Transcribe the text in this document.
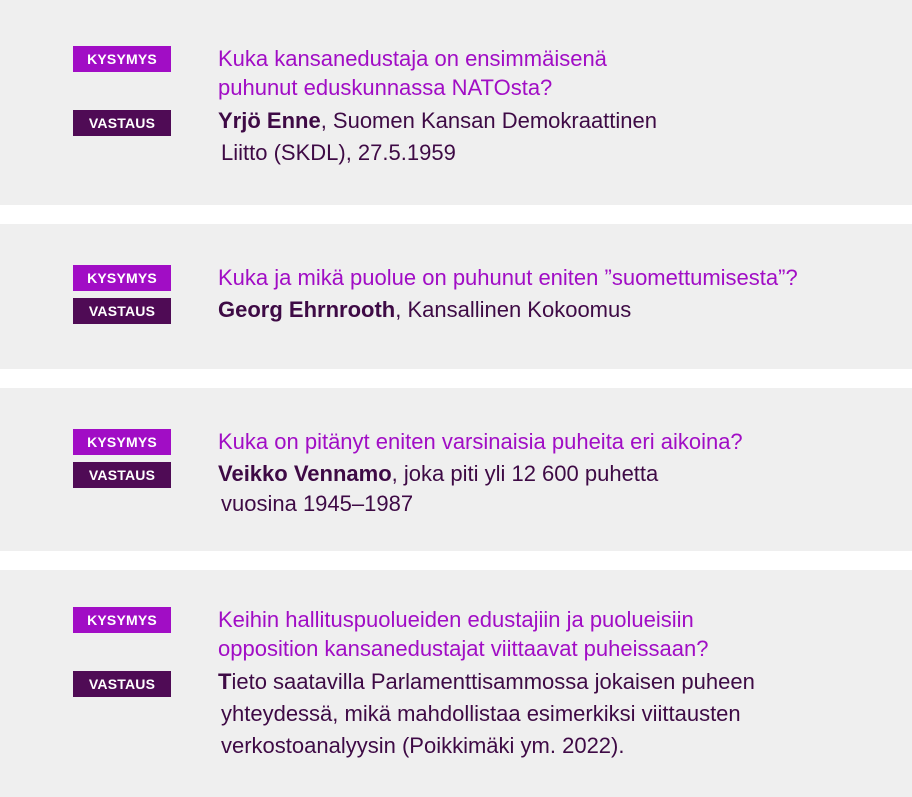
KYSYMYS	Kuka kansanedustaja on ensimmäisenä
puhunut eduskunnassa NATOsta?
VASTAUS	Yrjö Enne, Suomen Kansan Demokraattinen
Liitto (SKDL), 27.5.1959
KYSYMYS	Kuka ja mikä puolue on puhunut eniten ”suomettumisesta”?
VASTAUS	Georg Ehrnrooth, Kansallinen Kokoomus
KYSYMYS	Kuka on pitänyt eniten varsinaisia puheita eri aikoina?
VASTAUS	Veikko Vennamo, joka piti yli 12 600 puhetta
vuosina 1945–1987
KYSYMYS	Keihin hallituspuolueiden edustajiin ja puolueisiin
opposition kansanedustajat viittaavat puheissaan?
VASTAUS	Tieto saatavilla Parlamenttisammossa jokaisen puheen
yhteydessä, mikä mahdollistaa esimerkiksi viittausten
verkostoanalyysin (Poikkimäki ym. 2022).
